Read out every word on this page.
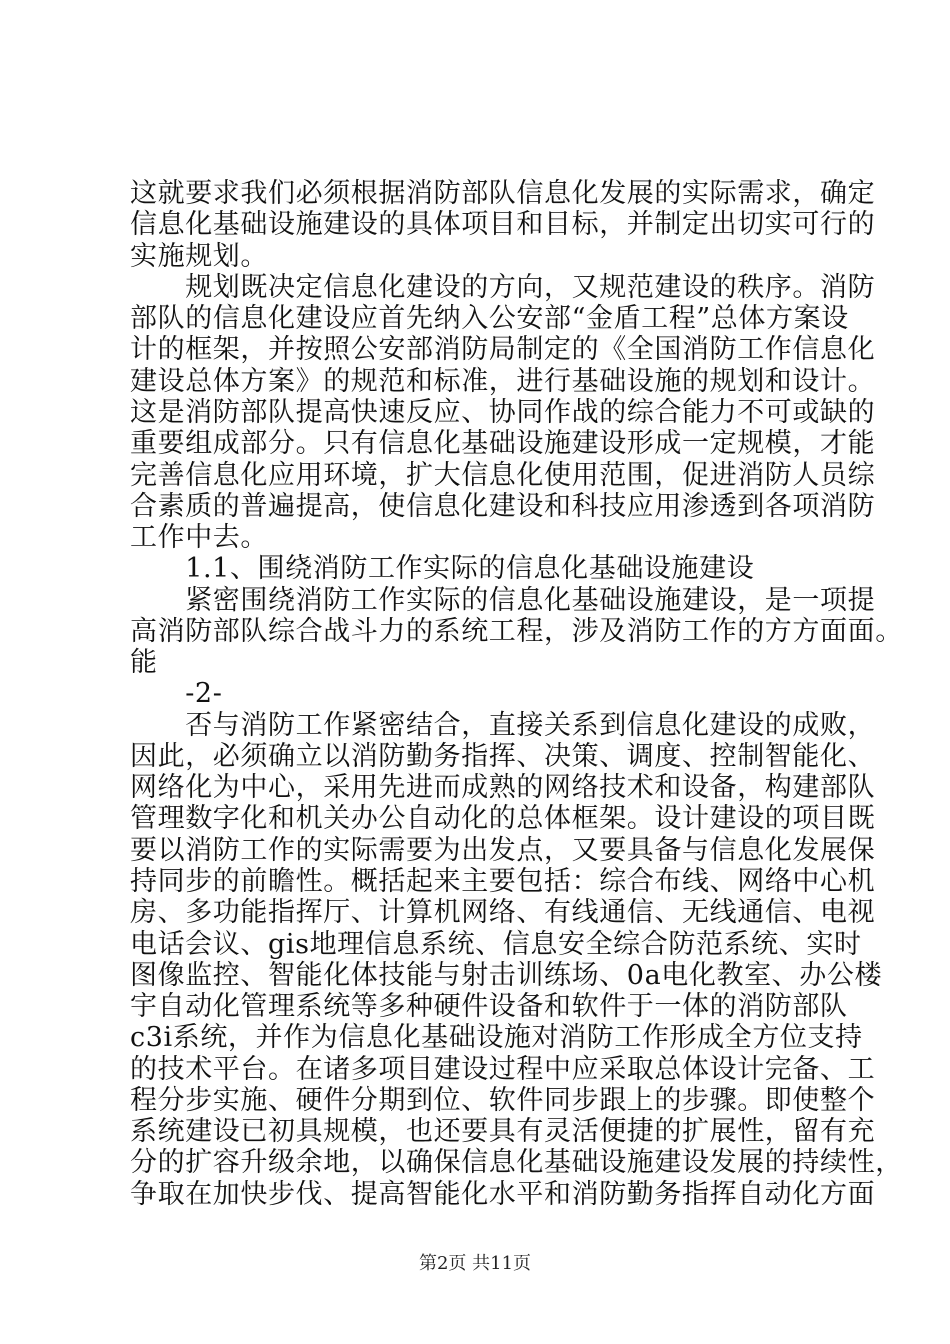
这就要求我们必须根据消防部队信息化发展的实际需求，确定
信息化基础设施建设的具体项目和目标，并制定出切实可行的
实施规划。
　　规划既决定信息化建设的方向，又规范建设的秩序。消防
部队的信息化建设应首先纳入公安部“金盾工程”总体方案设
计的框架，并按照公安部消防局制定的《全国消防工作信息化
建设总体方案》的规范和标准，进行基础设施的规划和设计。
这是消防部队提高快速反应、协同作战的综合能力不可或缺的
重要组成部分。只有信息化基础设施建设形成一定规模，才能
完善信息化应用环境，扩大信息化使用范围，促进消防人员综
合素质的普遍提高，使信息化建设和科技应用渗透到各项消防
工作中去。
　　1.1、围绕消防工作实际的信息化基础设施建设
　　紧密围绕消防工作实际的信息化基础设施建设，是一项提
高消防部队综合战斗力的系统工程，涉及消防工作的方方面面。
能
　　-2-
　　否与消防工作紧密结合，直接关系到信息化建设的成败，
因此，必须确立以消防勤务指挥、决策、调度、控制智能化、
网络化为中心，采用先进而成熟的网络技术和设备，构建部队
管理数字化和机关办公自动化的总体框架。设计建设的项目既
要以消防工作的实际需要为出发点，又要具备与信息化发展保
持同步的前瞻性。概括起来主要包括：综合布线、网络中心机
房、多功能指挥厅、计算机网络、有线通信、无线通信、电视
电话会议、gis地理信息系统、信息安全综合防范系统、实时
图像监控、智能化体技能与射击训练场、0a电化教室、办公楼
宇自动化管理系统等多种硬件设备和软件于一体的消防部队
c3i系统，并作为信息化基础设施对消防工作形成全方位支持
的技术平台。在诸多项目建设过程中应采取总体设计完备、工
程分步实施、硬件分期到位、软件同步跟上的步骤。即使整个
系统建设已初具规模，也还要具有灵活便捷的扩展性，留有充
分的扩容升级余地，以确保信息化基础设施建设发展的持续性，
争取在加快步伐、提高智能化水平和消防勤务指挥自动化方面
第2页 共11页
